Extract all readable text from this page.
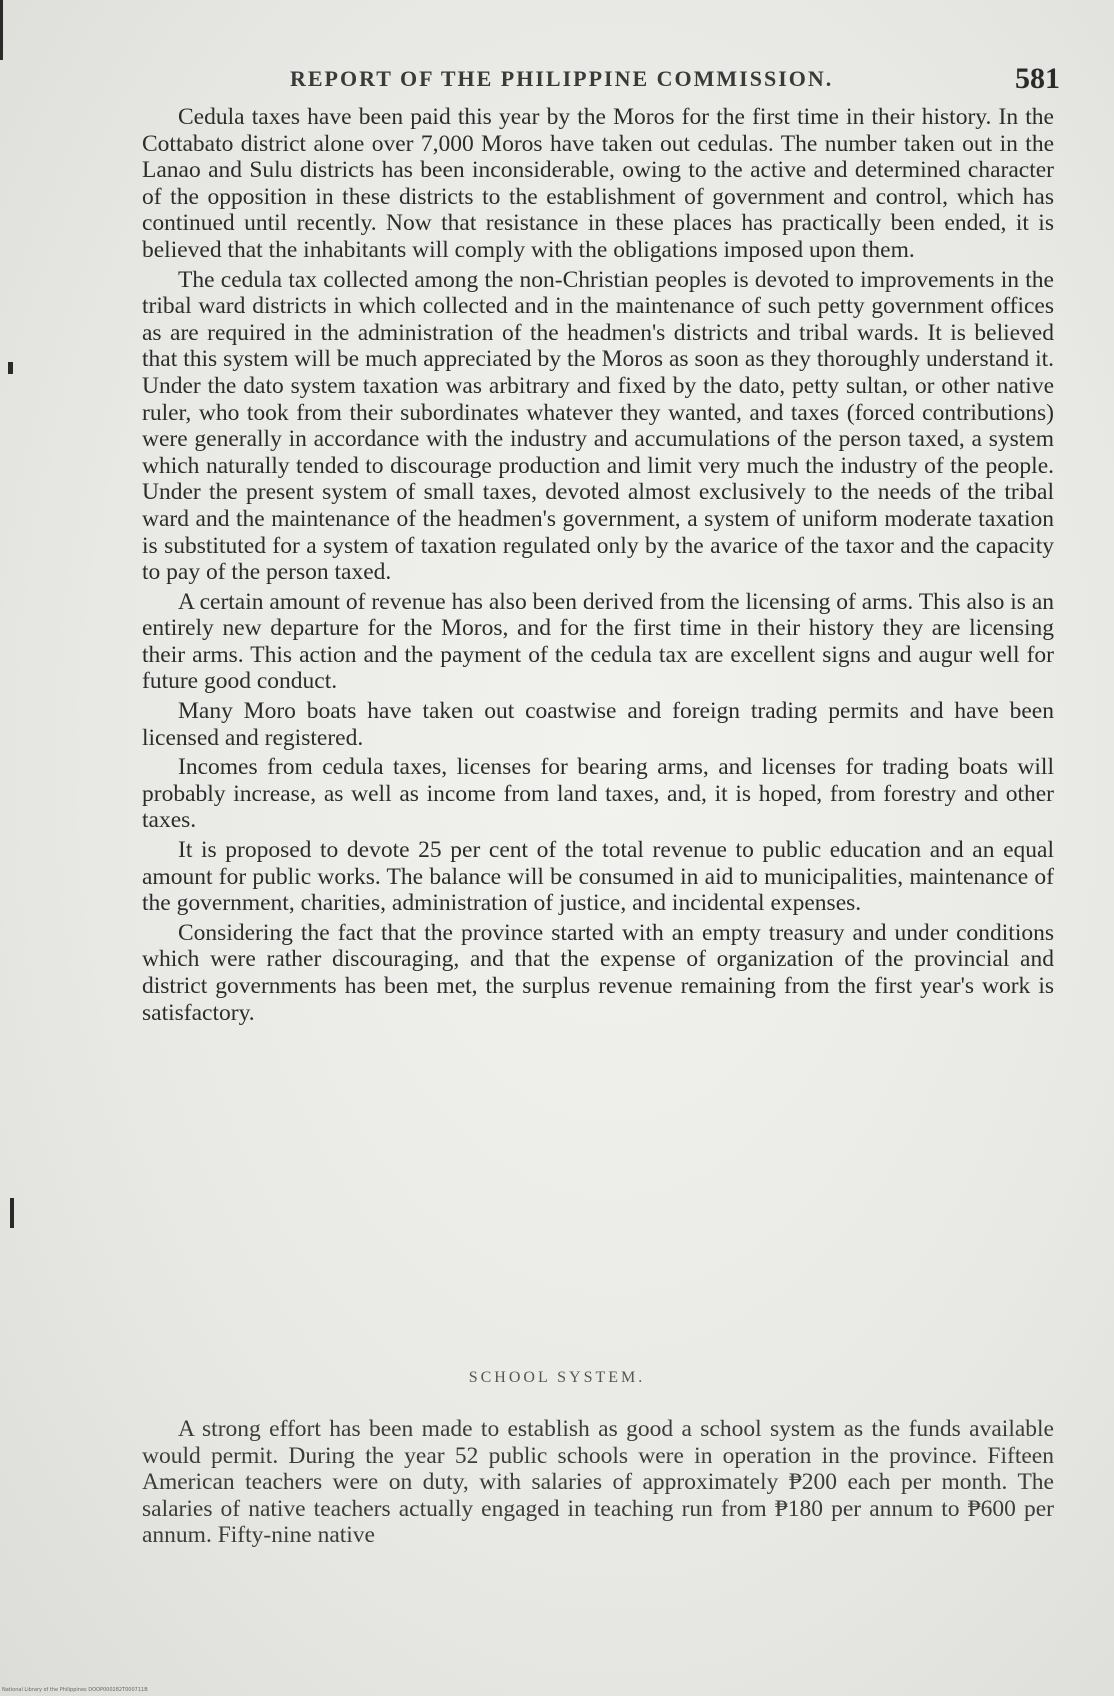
REPORT OF THE PHILIPPINE COMMISSION.	581

Cedula taxes have been paid this year by the Moros for the first time in their history. In the Cottabato district alone over 7,000 Moros have taken out cedulas. The number taken out in the Lanao and Sulu districts has been inconsiderable, owing to the active and determined character of the opposition in these districts to the establishment of government and control, which has continued until recently. Now that resistance in these places has practically been ended, it is believed that the inhabitants will comply with the obligations imposed upon them.

The cedula tax collected among the non-Christian peoples is devoted to improvements in the tribal ward districts in which collected and in the maintenance of such petty government offices as are required in the administration of the headmen's districts and tribal wards. It is believed that this system will be much appreciated by the Moros as soon as they thoroughly understand it. Under the dato system taxation was arbitrary and fixed by the dato, petty sultan, or other native ruler, who took from their subordinates whatever they wanted, and taxes (forced contributions) were generally in accordance with the industry and accumulations of the person taxed, a system which naturally tended to discourage production and limit very much the industry of the people. Under the present system of small taxes, devoted almost exclusively to the needs of the tribal ward and the maintenance of the headmen's government, a system of uniform moderate taxation is substituted for a system of taxation regulated only by the avarice of the taxor and the capacity to pay of the person taxed.

A certain amount of revenue has also been derived from the licensing of arms. This also is an entirely new departure for the Moros, and for the first time in their history they are licensing their arms. This action and the payment of the cedula tax are excellent signs and augur well for future good conduct.

Many Moro boats have taken out coastwise and foreign trading permits and have been licensed and registered.

Incomes from cedula taxes, licenses for bearing arms, and licenses for trading boats will probably increase, as well as income from land taxes, and, it is hoped, from forestry and other taxes.

It is proposed to devote 25 per cent of the total revenue to public education and an equal amount for public works. The balance will be consumed in aid to municipalities, maintenance of the government, charities, administration of justice, and incidental expenses.

Considering the fact that the province started with an empty treasury and under conditions which were rather discouraging, and that the expense of organization of the provincial and district governments has been met, the surplus revenue remaining from the first year's work is satisfactory.

SCHOOL SYSTEM.

A strong effort has been made to establish as good a school system as the funds available would permit. During the year 52 public schools were in operation in the province. Fifteen American teachers were on duty, with salaries of approximately ₱200 each per month. The salaries of native teachers actually engaged in teaching run from ₱180 per annum to ₱600 per annum. Fifty-nine native

National Library of the Philippines DOOP000282T000711B
